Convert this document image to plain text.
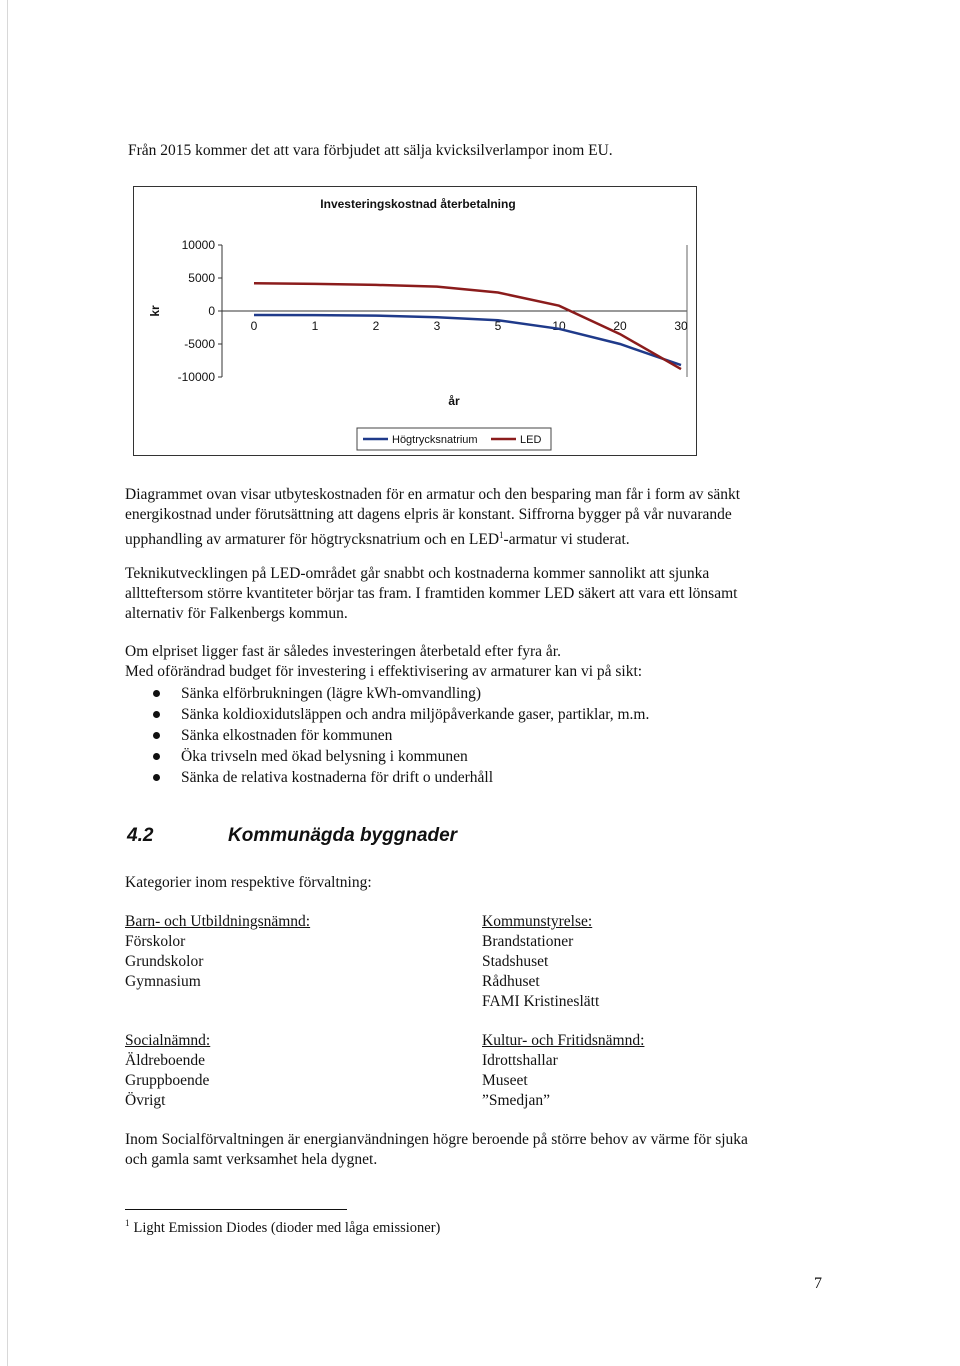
Från 2015 kommer det att vara förbjudet att sälja kvicksilverlampor inom EU.
Investeringskostnad återbetalning
10000
5000
0
-5000
-10000
kr
0	1	2	3	5	10	20	30
år
Högtrycksnatrium	LED

Diagrammet ovan visar utbyteskostnaden för en armatur och den besparing man får i form av sänkt

energikostnad under förutsättning att dagens elpris är konstant. Siffrorna bygger på vår nuvarande

upphandling av armaturer för högtrycksnatrium och en LED$^1$-armatur vi studerat.

Teknikutvecklingen på LED-området går snabbt och kostnaderna kommer sannolikt att sjunka

alltteftersom större kvantiteter börjar tas fram. I framtiden kommer LED säkert att vara ett lönsamt

alternativ för Falkenbergs kommun.

Om elpriset ligger fast är således investeringen återbetald efter fyra år.

Med oförändrad budget för investering i effektivisering av armaturer kan vi på sikt:

Sänka elförbrukningen (lägre kWh-omvandling)
Sänka koldioxidutsläppen och andra miljöpåverkande gaser, partiklar, m.m.
Sänka elkostnaden för kommunen
Öka trivseln med ökad belysning i kommunen
Sänka de relativa kostnaderna för drift o underhåll
4.2	Kommunägda byggnader
Kategorier inom respektive förvaltning:
Barn- och Utbildningsnämnd:
Förskolor
Grundskolor
Gymnasium
Kommunstyrelse:
Brandstationer
Stadshuset
Rådhuset
FAMI Kristineslätt
Socialnämnd:
Äldreboende
Gruppboende
Övrigt
Kultur- och Fritidsnämnd:
Idrottshallar
Museet
”Smedjan”

Inom Socialförvaltningen är energianvändningen högre beroende på större behov av värme för sjuka

och gamla samt verksamhet hela dygnet.

$^1$ Light Emission Diodes (dioder med låga emissioner)
7
